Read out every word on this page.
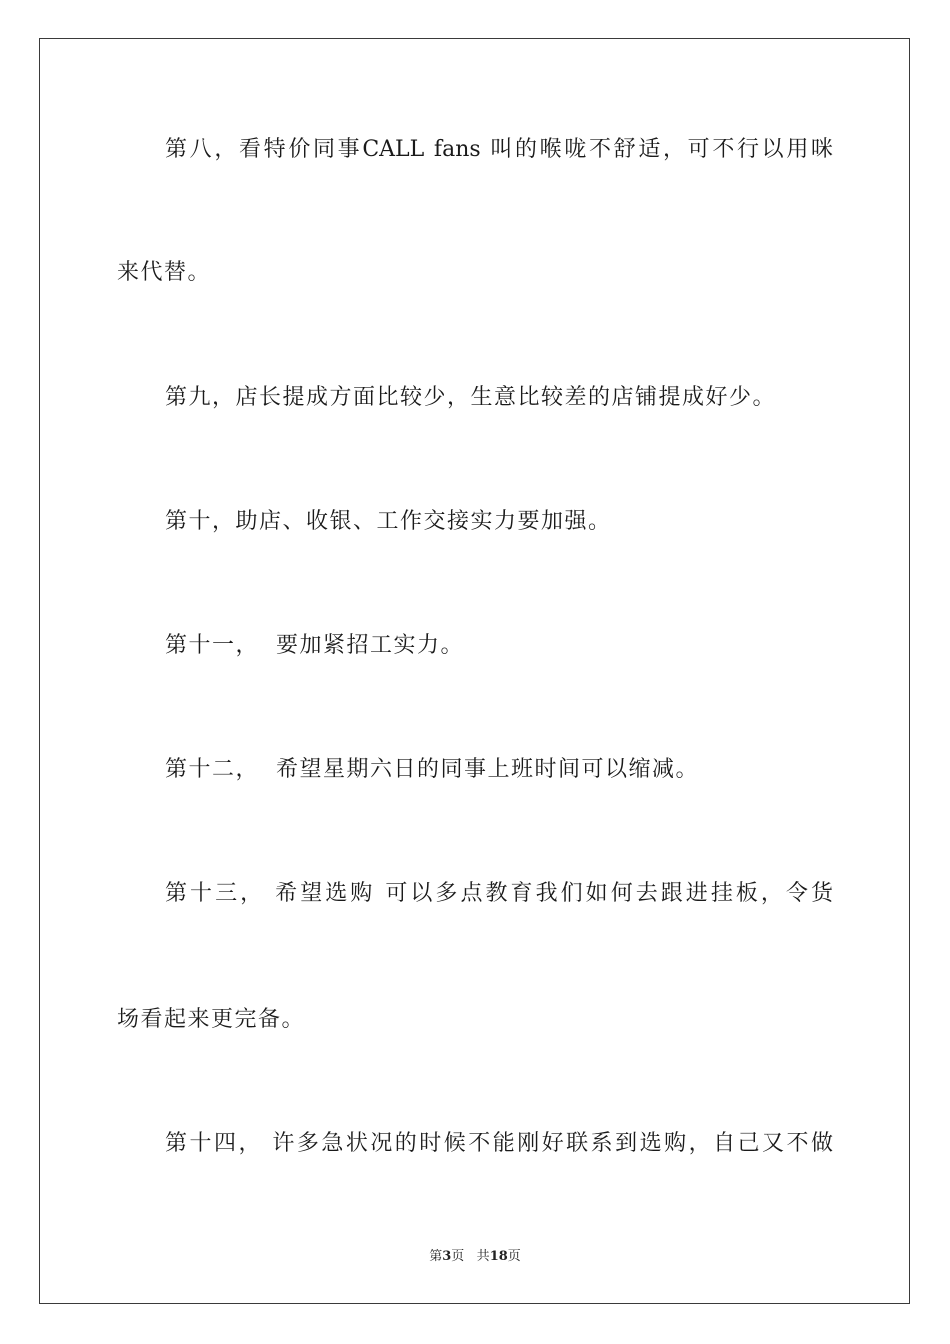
第八，看特价同事CALL fans 叫的喉咙不舒适，可不行以用咪
来代替。
第九，店长提成方面比较少，生意比较差的店铺提成好少。
第十，助店、收银、工作交接实力要加强。
第十一，  要加紧招工实力。
第十二，  希望星期六日的同事上班时间可以缩减。
第十三， 希望选购 可以多点教育我们如何去跟进挂板，令货
场看起来更完备。
第十四， 许多急状况的时候不能刚好联系到选购，自己又不做
第3页 共18页
